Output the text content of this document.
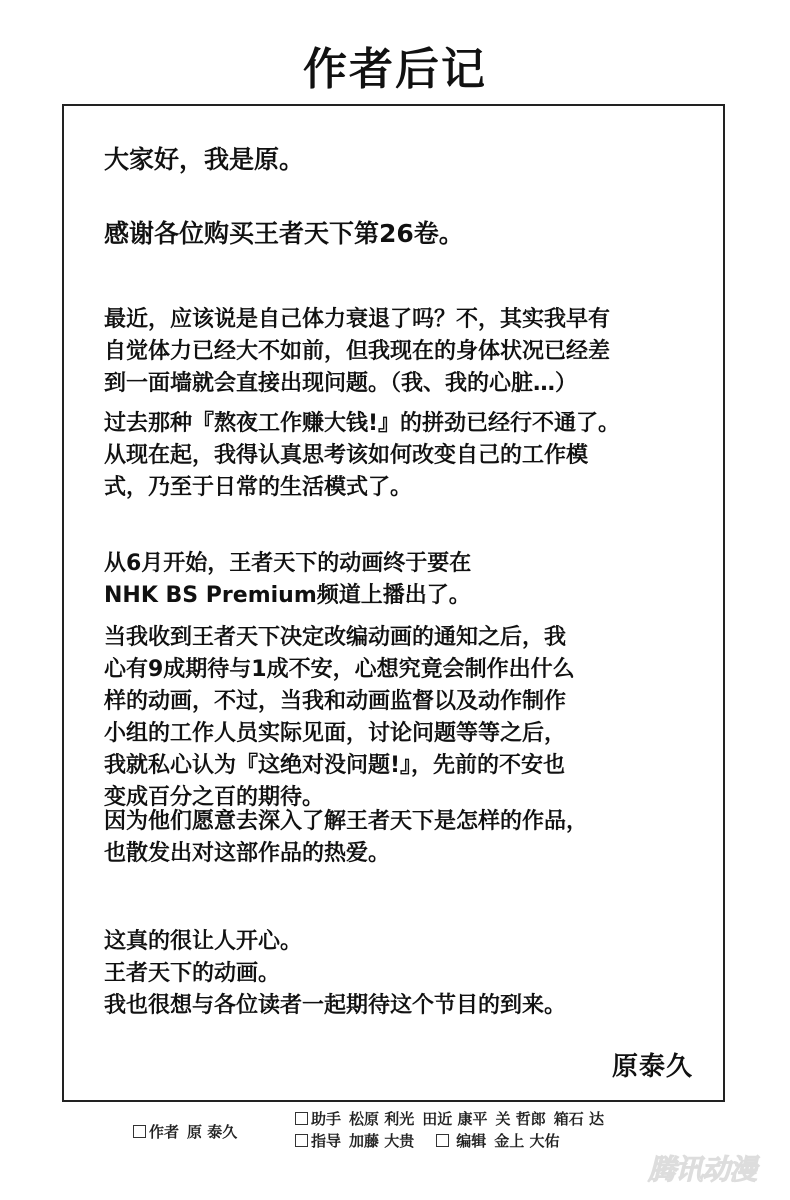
作者后记
大家好，我是原。
感谢各位购买王者天下第26卷。
最近，应该说是自己体力衰退了吗？不，其实我早有
自觉体力已经大不如前，但我现在的身体状况已经差
到一面墙就会直接出现问题。（我、我的心脏…）
过去那种『熬夜工作赚大钱!』的拼劲已经行不通了。
从现在起，我得认真思考该如何改变自己的工作模
式，乃至于日常的生活模式了。
从6月开始，王者天下的动画终于要在
NHK BS Premium频道上播出了。
当我收到王者天下决定改编动画的通知之后，我
心有9成期待与1成不安，心想究竟会制作出什么
样的动画，不过，当我和动画监督以及动作制作
小组的工作人员实际见面，讨论问题等等之后，
我就私心认为『这绝对没问题!』，先前的不安也
变成百分之百的期待。
因为他们愿意去深入了解王者天下是怎样的作品，
也散发出对这部作品的热爱。
这真的很让人开心。
王者天下的动画。
我也很想与各位读者一起期待这个节目的到来。
原泰久
作者 原 泰久
助手 松原 利光 田近 康平 关 哲郎 箱石 达
指导 加藤 大贵	编辑 金上 大佑
腾讯动漫
